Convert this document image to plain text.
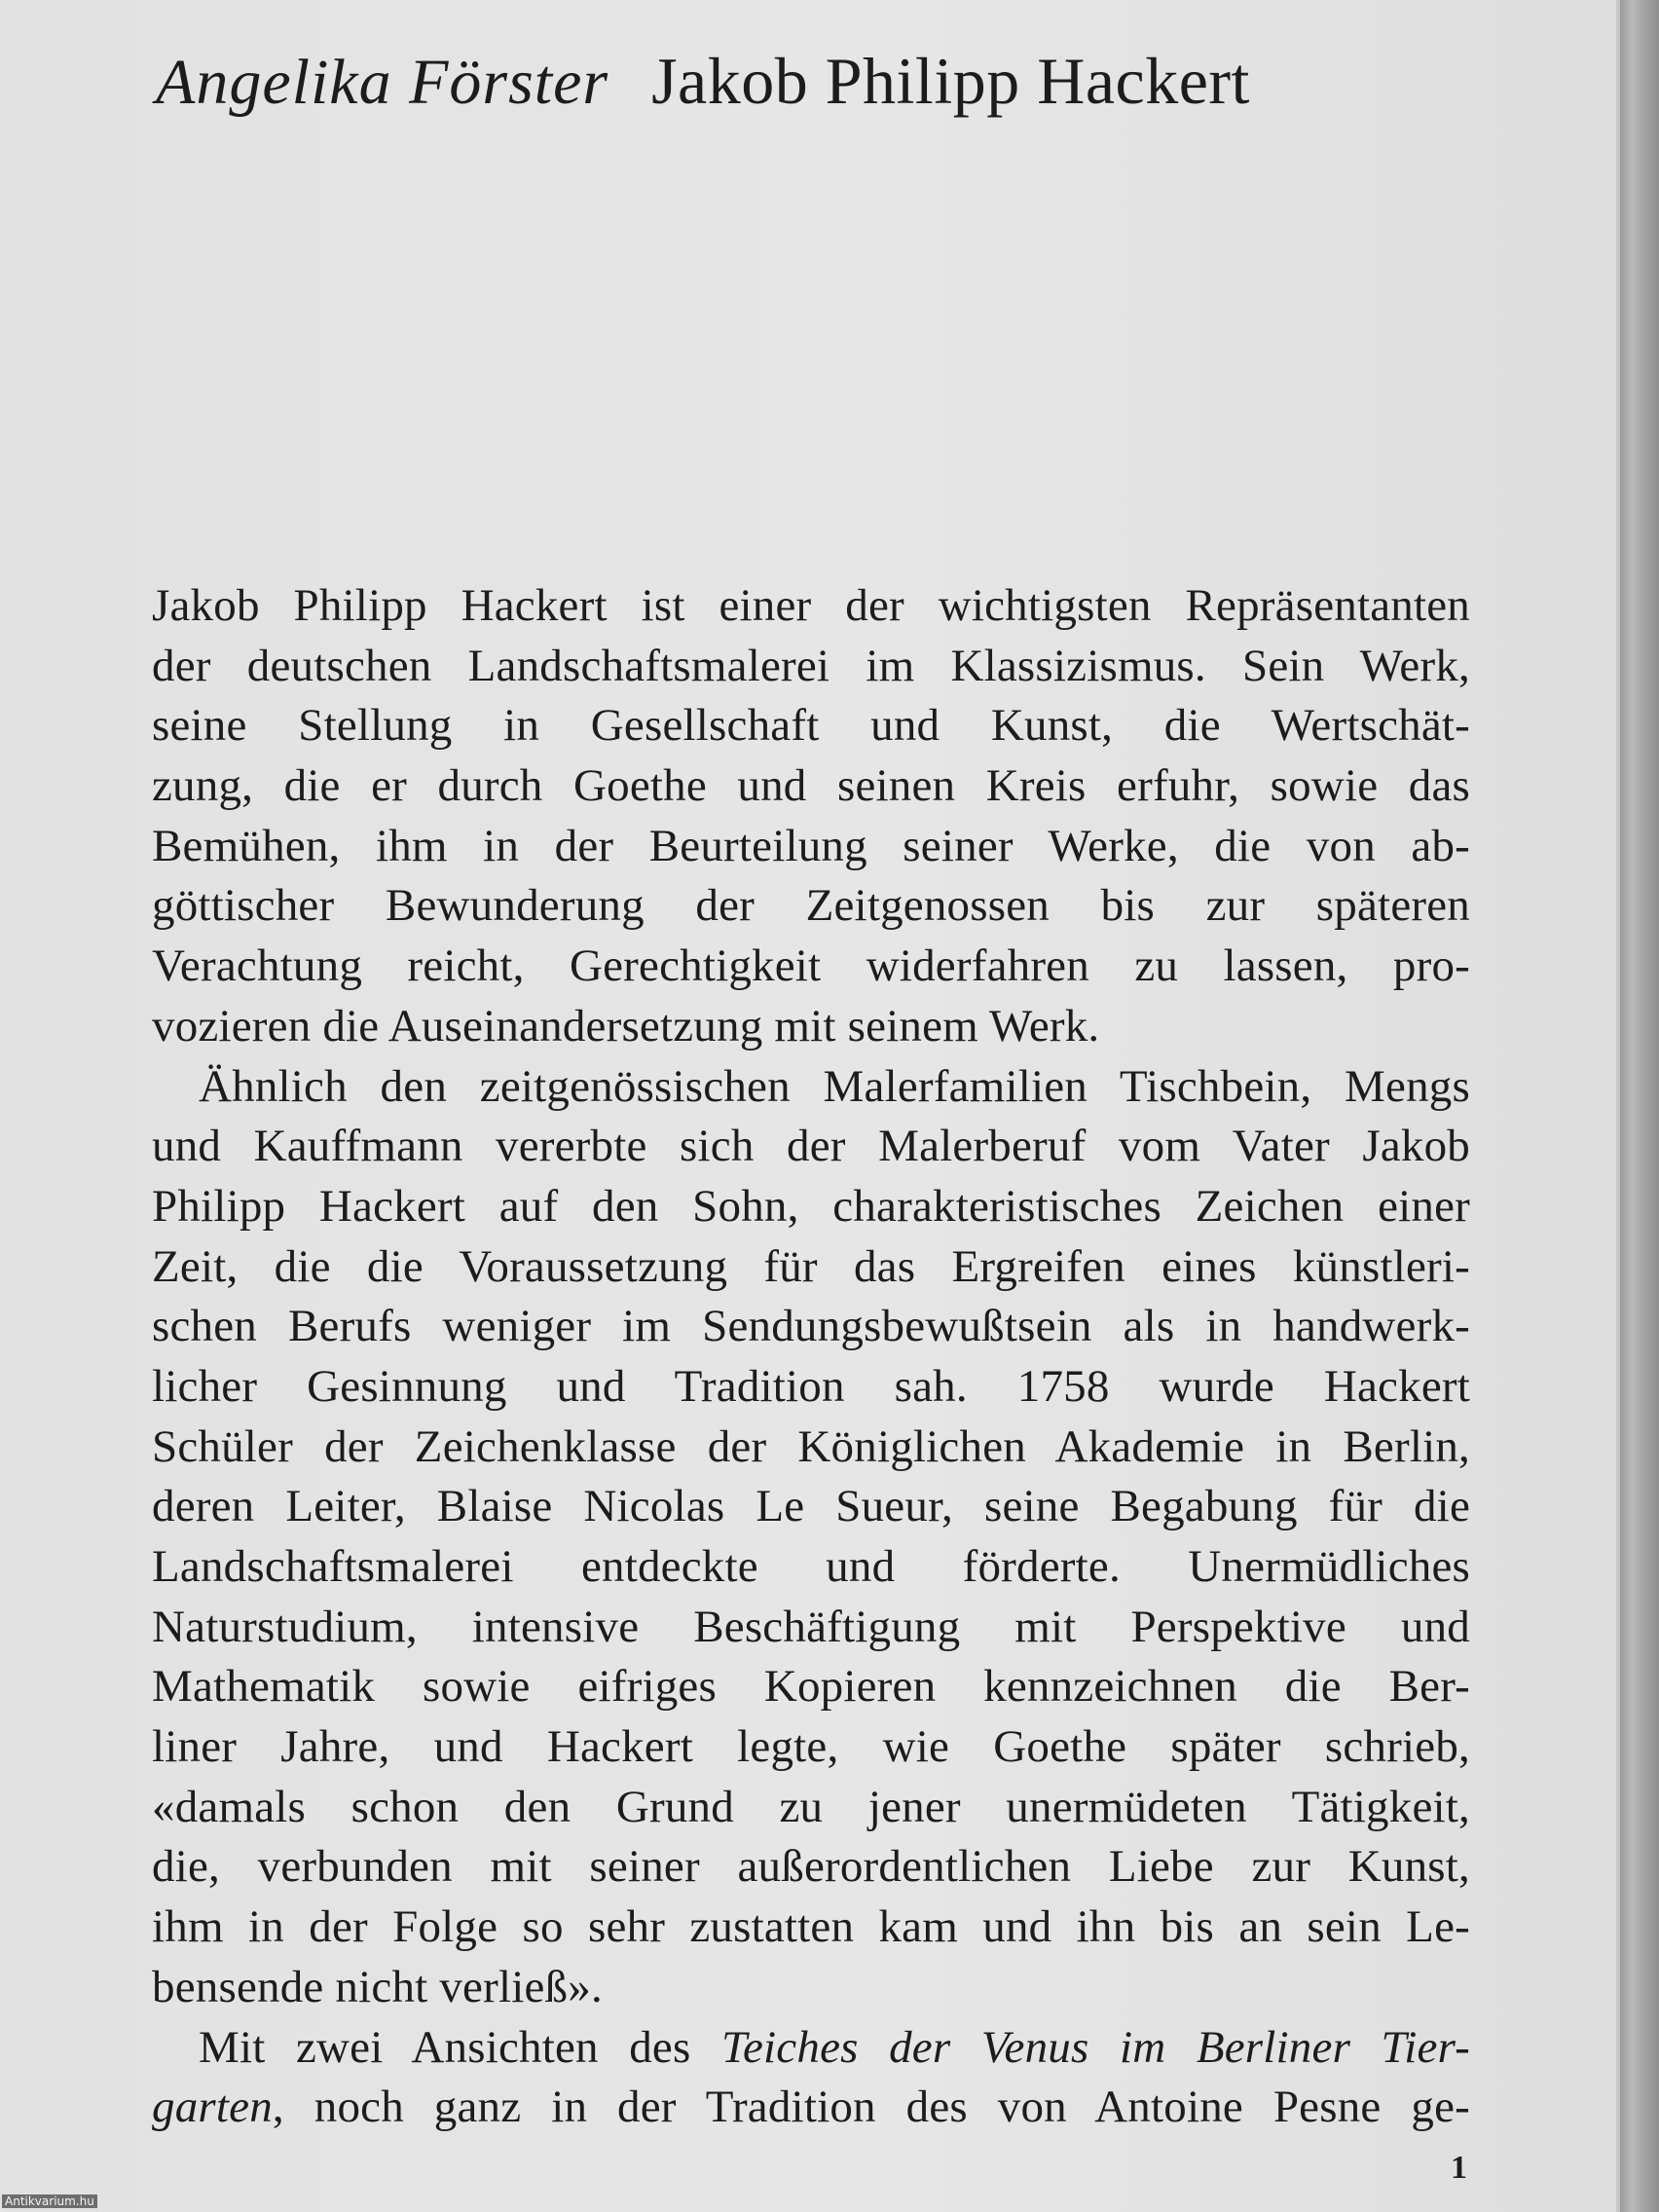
Angelika Förster Jakob Philipp Hackert
Jakob Philipp Hackert ist einer der wichtigsten Repräsentanten
der deutschen Landschaftsmalerei im Klassizismus. Sein Werk,
seine Stellung in Gesellschaft und Kunst, die Wertschät-
zung, die er durch Goethe und seinen Kreis erfuhr, sowie das
Bemühen, ihm in der Beurteilung seiner Werke, die von ab-
göttischer Bewunderung der Zeitgenossen bis zur späteren
Verachtung reicht, Gerechtigkeit widerfahren zu lassen, pro-
vozieren die Auseinandersetzung mit seinem Werk.
Ähnlich den zeitgenössischen Malerfamilien Tischbein, Mengs
und Kauffmann vererbte sich der Malerberuf vom Vater Jakob
Philipp Hackert auf den Sohn, charakteristisches Zeichen einer
Zeit, die die Voraussetzung für das Ergreifen eines künstleri-
schen Berufs weniger im Sendungsbewußtsein als in handwerk-
licher Gesinnung und Tradition sah. 1758 wurde Hackert
Schüler der Zeichenklasse der Königlichen Akademie in Berlin,
deren Leiter, Blaise Nicolas Le Sueur, seine Begabung für die
Landschaftsmalerei entdeckte und förderte. Unermüdliches
Naturstudium, intensive Beschäftigung mit Perspektive und
Mathematik sowie eifriges Kopieren kennzeichnen die Ber-
liner Jahre, und Hackert legte, wie Goethe später schrieb,
«damals schon den Grund zu jener unermüdeten Tätigkeit,
die, verbunden mit seiner außerordentlichen Liebe zur Kunst,
ihm in der Folge so sehr zustatten kam und ihn bis an sein Le-
bensende nicht verließ».
Mit zwei Ansichten des Teiches der Venus im Berliner Tier-
garten, noch ganz in der Tradition des von Antoine Pesne ge-
1
Antikvarium.hu
